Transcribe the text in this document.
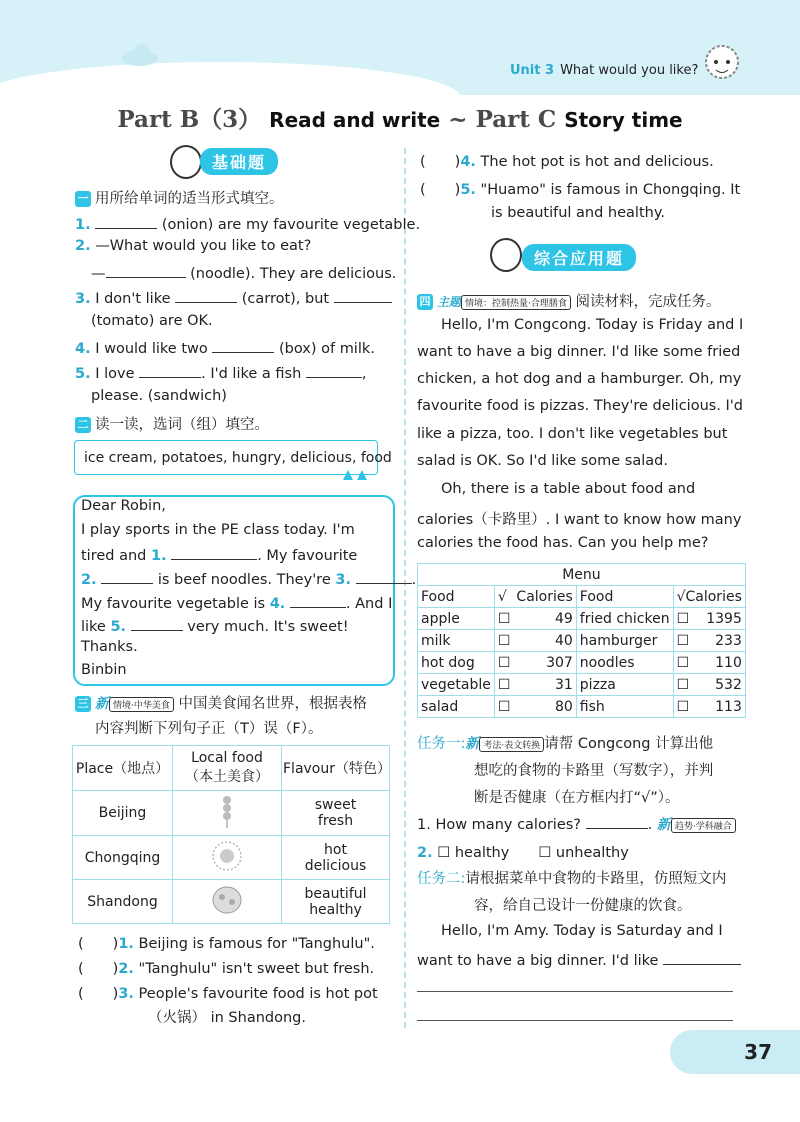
Unit 3 What would you like?
Part B（3） Read and write ~ Part C Story time
基础题
一 用所给单词的适当形式填空。
1.	(onion) are my favourite vegetable.
2. —What would you like to eat?
—	(noodle). They are delicious.
3. I don't like	(carrot), but
(tomato) are OK.
4. I would like two	(box) of milk.
5. I love	. I'd like a fish	,
please. (sandwich)
二 读一读，选词（组）填空。
ice cream, potatoes, hungry, delicious, food
Dear Robin,
I play sports in the PE class today. I'm
tired and 1.	. My favourite
2.	is beef noodles. They're 3.	.
My favourite vegetable is 4.	. And I
like 5.	very much. It's sweet!
Thanks.
Binbin
三 新 情境·中华美食 中国美食闻名世界，根据表格
内容判断下列句子正（T）误（F）。
Place（地点）	Local food
（本土美食）	Flavour（特色）
Beijing		sweet
fresh

Chongqing		hot
delicious

Shandong		beautiful
healthy
(　　)1. Beijing is famous for "Tanghulu".
(　　)2. "Tanghulu" isn't sweet but fresh.
(　　)3. People's favourite food is hot pot
（火锅） in Shandong.
(　　)4. The hot pot is hot and delicious.
(　　)5. "Huamo" is famous in Chongqing. It
is beautiful and healthy.
综合应用题
四 主题 情境：控制热量·合理膳食 阅读材料，完成任务。
Hello, I'm Congcong. Today is Friday and I
want to have a big dinner. I'd like some fried
chicken, a hot dog and a hamburger. Oh, my
favourite food is pizzas. They're delicious. I'd
like a pizza, too. I don't like vegetables but
salad is OK. So I'd like some salad.
Oh, there is a table about food and
calories（卡路里）. I want to know how many
calories the food has. Can you help me?
Menu					
Food	√	Calories	Food	√Calories	
apple	☐	49	fried chicken	☐	1395
milk	☐	40	hamburger	☐	233
hot dog	☐	307	noodles	☐	110
vegetable	☐	31	pizza	☐	532
salad	☐	80	fish	☐	113
任务一:新 考法·表文转换 请帮 Congcong 计算出他
想吃的食物的卡路里（写数字），并判
断是否健康（在方框内打“√”）。
1. How many calories?	. 新 趋势·学科融合
2. ☐ healthy　　 ☐ unhealthy
任务二:请根据菜单中食物的卡路里，仿照短文内
容，给自己设计一份健康的饮食。
Hello, I'm Amy. Today is Saturday and I
want to have a big dinner. I'd like
37
